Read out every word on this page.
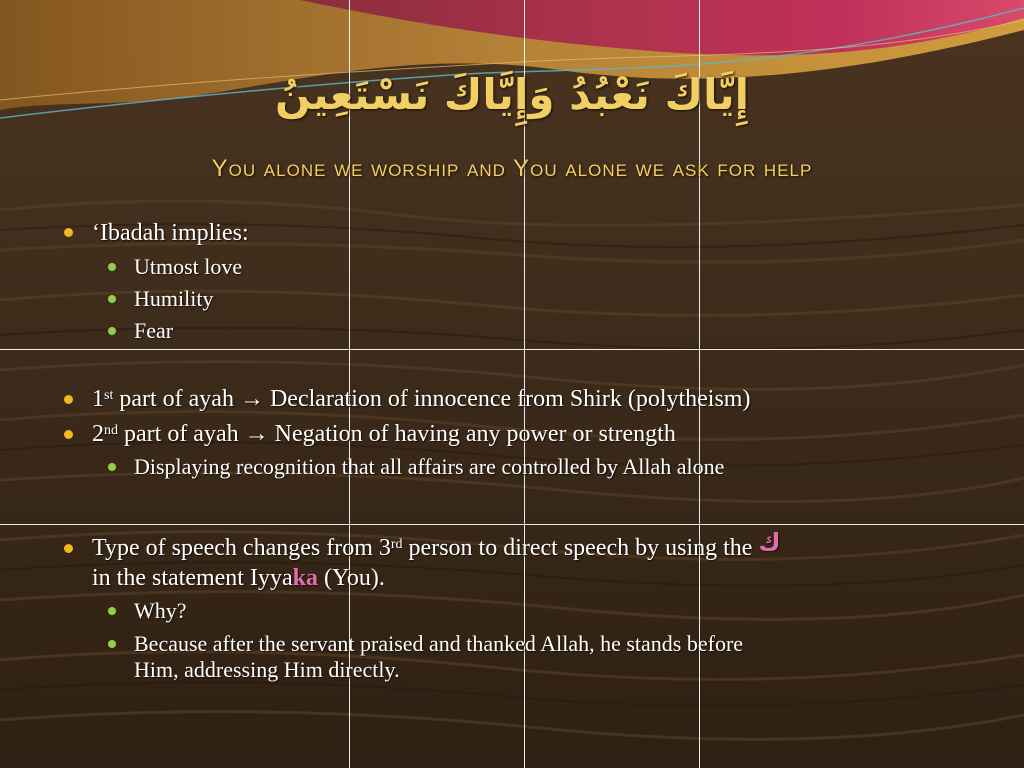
إِيَّاكَ نَعْبُدُ وَإِيَّاكَ نَسْتَعِينُ
You alone we worship and You alone we ask for help
‘Ibadah implies:
Utmost love
Humility
Fear
1st part of ayah → Declaration of innocence from Shirk (polytheism)
2nd part of ayah → Negation of having any power or strength
Displaying recognition that all affairs are controlled by Allah alone
Type of speech changes from 3rd person to direct speech by using the ك
in the statement Iyyaka (You).
Why?
Because after the servant praised and thanked Allah, he stands before
Him, addressing Him directly.
